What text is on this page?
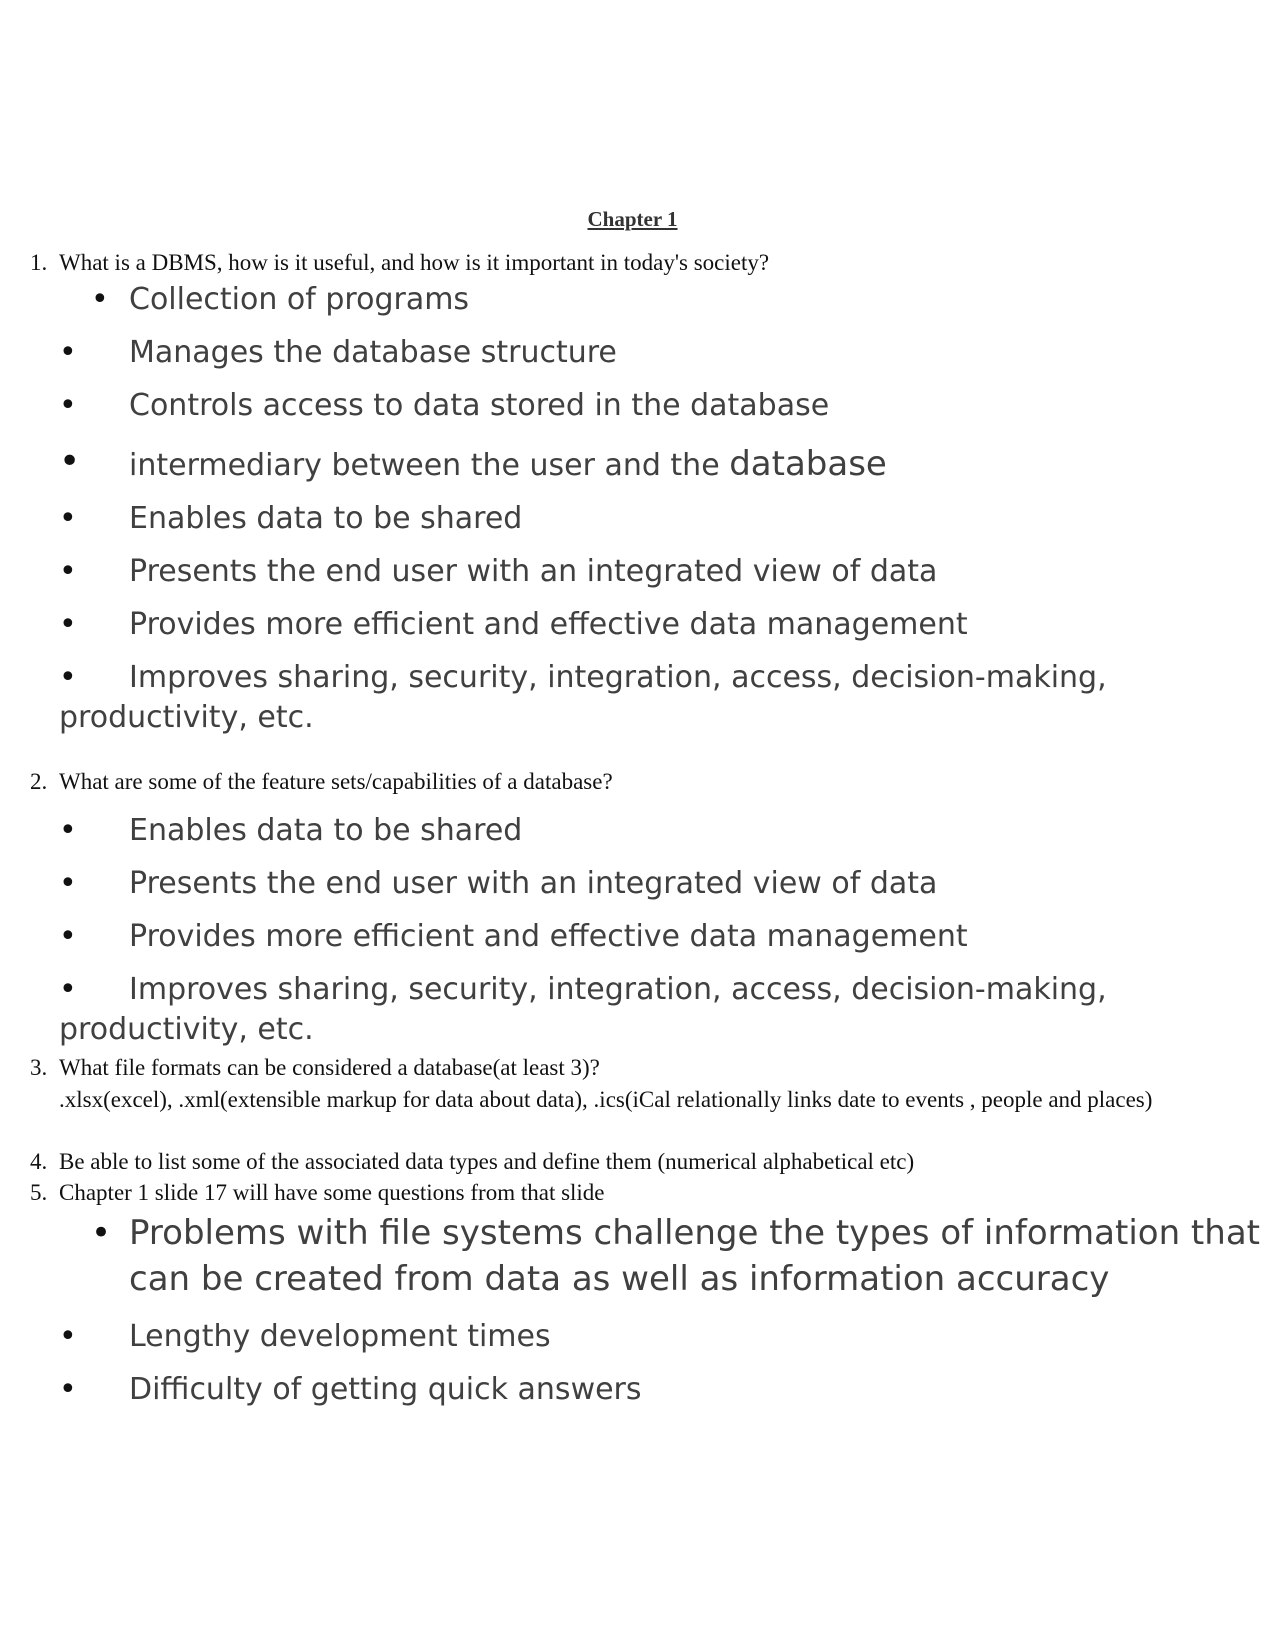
Chapter 1
1. What is a DBMS, how is it useful, and how is it important in today's society?
• Collection of programs
• Manages the database structure
• Controls access to data stored in the database
• intermediary between the user and the database
• Enables data to be shared
• Presents the end user with an integrated view of data
• Provides more efficient and effective data management
• Improves sharing, security, integration, access, decision-making,
productivity, etc.
2. What are some of the feature sets/capabilities of a database?
• Enables data to be shared
• Presents the end user with an integrated view of data
• Provides more efficient and effective data management
• Improves sharing, security, integration, access, decision-making,
productivity, etc.
3. What file formats can be considered a database(at least 3)?
.xlsx(excel), .xml(extensible markup for data about data), .ics(iCal relationally links date to events , people and places)
4. Be able to list some of the associated data types and define them (numerical alphabetical etc)
5. Chapter 1 slide 17 will have some questions from that slide
• Problems with file systems challenge the types of information that
can be created from data as well as information accuracy
• Lengthy development times
• Difficulty of getting quick answers
